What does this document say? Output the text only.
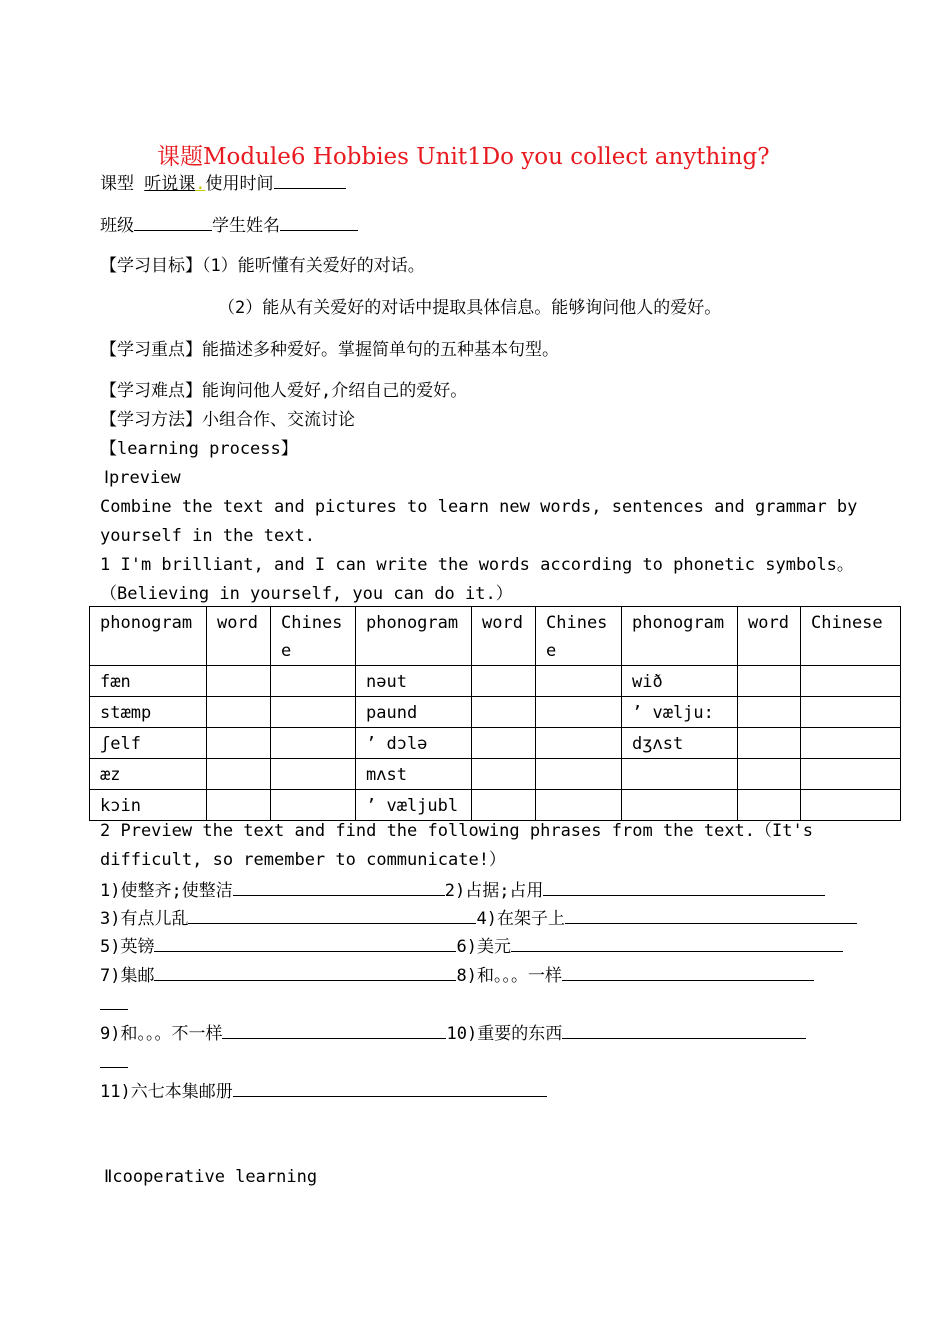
课题Module6 Hobbies Unit1Do you collect anything?
课型 听说课.使用时间
班级	学生姓名
【学习目标】（1）能听懂有关爱好的对话。
（2）能从有关爱好的对话中提取具体信息。能够询问他人的爱好。
【学习重点】能描述多种爱好。掌握简单句的五种基本句型。
【学习难点】能询问他人爱好,介绍自己的爱好。
【学习方法】小组合作、交流讨论
【learning process】
Ⅰpreview
Combine the text and pictures to learn new words, sentences and grammar by
yourself in the text.
1 I'm brilliant, and I can write the words according to phonetic symbols。
（Believing in yourself, you can do it.）
phonogram	word	Chinese	phonogram	word	Chinese	phonogram	word	Chinese
fæn			nəut			wið		
stæmp			paund			’ vælju:		
ʃelf			’ dɔlə			dʒʌst		
æz			mʌst					
kɔin			’ væljubl					
2 Preview the text and find the following phrases from the text.（It's
difficult, so remember to communicate!）
1)使整齐;使整洁	2)占据;占用
3)有点儿乱	4)在架子上
5)英镑	6)美元
7)集邮	8)和。。。一样
9)和。。。不一样	10)重要的东西
11)六七本集邮册
Ⅱcooperative learning
